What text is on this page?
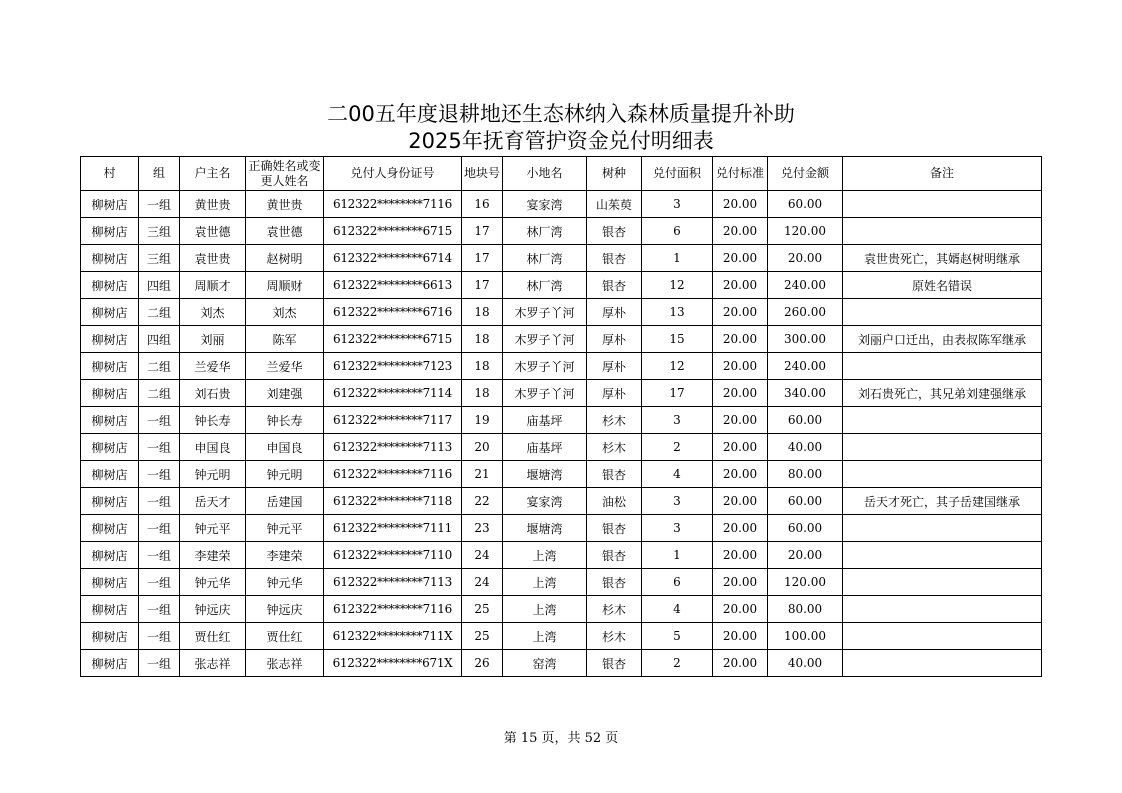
二00五年度退耕地还生态林纳入森林质量提升补助
2025年抚育管护资金兑付明细表
村	组	户主名	正确姓名或变更人姓名	兑付人身份证号	地块号	小地名	树种	兑付面积	兑付标准	兑付金额	备注
柳树店	一组	黄世贵	黄世贵	612322********7116	16	宴家湾	山茱萸	3	20.00	60.00	
柳树店	三组	袁世德	袁世德	612322********6715	17	林厂湾	银杏	6	20.00	120.00	
柳树店	三组	袁世贵	赵树明	612322********6714	17	林厂湾	银杏	1	20.00	20.00	袁世贵死亡，其婿赵树明继承
柳树店	四组	周顺才	周顺财	612322********6613	17	林厂湾	银杏	12	20.00	240.00	原姓名错误
柳树店	二组	刘杰	刘杰	612322********6716	18	木罗子丫河	厚朴	13	20.00	260.00	
柳树店	四组	刘丽	陈军	612322********6715	18	木罗子丫河	厚朴	15	20.00	300.00	刘丽户口迁出，由表叔陈军继承
柳树店	二组	兰爱华	兰爱华	612322********7123	18	木罗子丫河	厚朴	12	20.00	240.00	
柳树店	二组	刘石贵	刘建强	612322********7114	18	木罗子丫河	厚朴	17	20.00	340.00	刘石贵死亡，其兄弟刘建强继承
柳树店	一组	钟长寿	钟长寿	612322********7117	19	庙基坪	杉木	3	20.00	60.00	
柳树店	一组	申国良	申国良	612322********7113	20	庙基坪	杉木	2	20.00	40.00	
柳树店	一组	钟元明	钟元明	612322********7116	21	堰塘湾	银杏	4	20.00	80.00	
柳树店	一组	岳天才	岳建国	612322********7118	22	宴家湾	油松	3	20.00	60.00	岳天才死亡，其子岳建国继承
柳树店	一组	钟元平	钟元平	612322********7111	23	堰塘湾	银杏	3	20.00	60.00	
柳树店	一组	李建荣	李建荣	612322********7110	24	上湾	银杏	1	20.00	20.00	
柳树店	一组	钟元华	钟元华	612322********7113	24	上湾	银杏	6	20.00	120.00	
柳树店	一组	钟远庆	钟远庆	612322********7116	25	上湾	杉木	4	20.00	80.00	
柳树店	一组	贾仕红	贾仕红	612322********711X	25	上湾	杉木	5	20.00	100.00	
柳树店	一组	张志祥	张志祥	612322********671X	26	窑湾	银杏	2	20.00	40.00	
第 15 页，共 52 页
